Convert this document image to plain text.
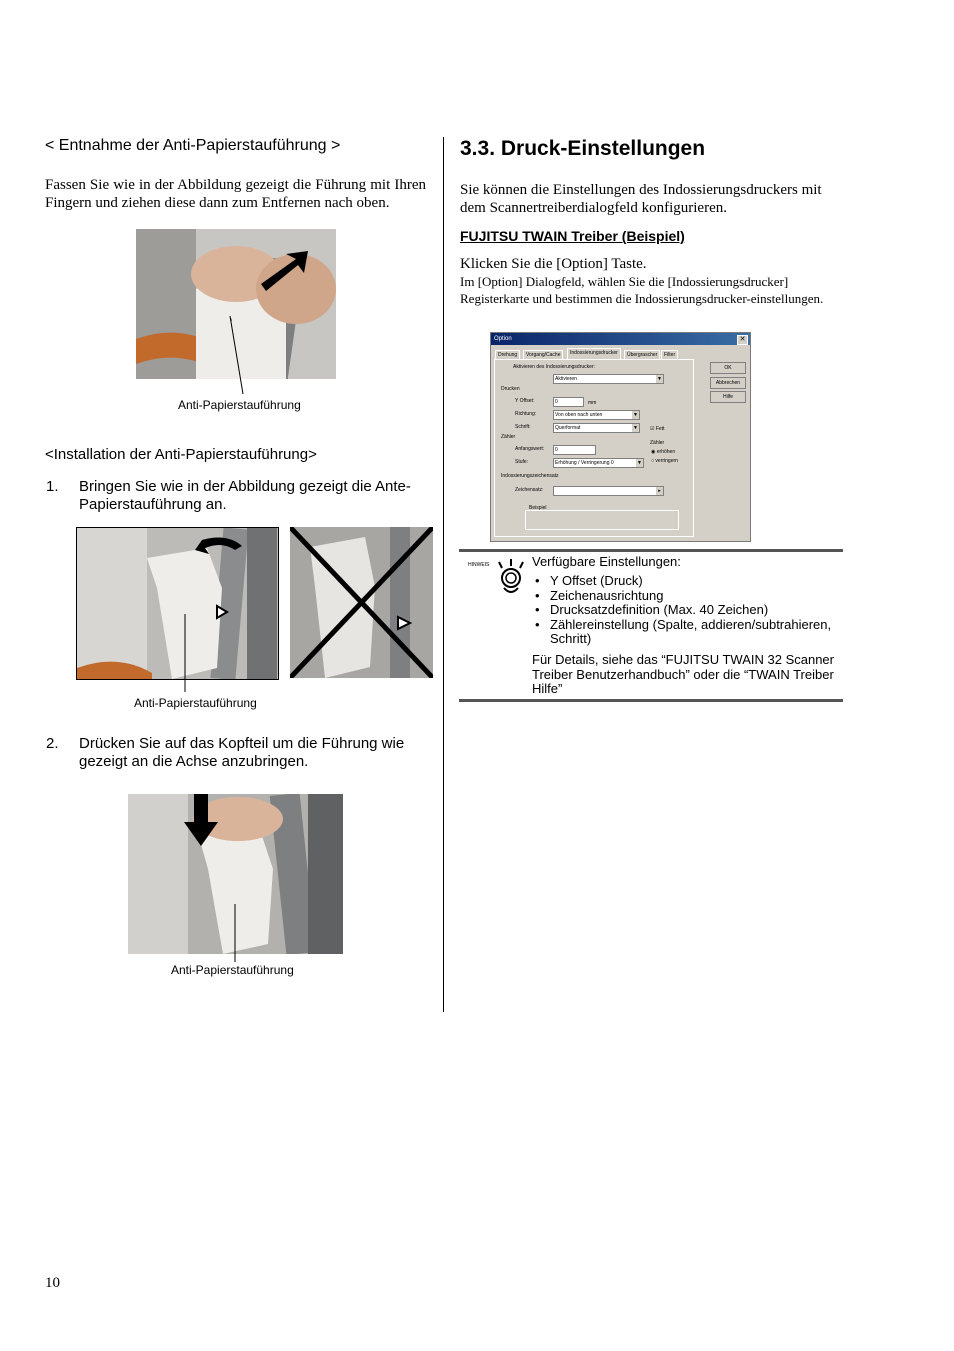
< Entnahme der Anti-Papierstauführung >
Fassen Sie wie in der Abbildung gezeigt die Führung mit Ihren Fingern und ziehen diese dann zum Entfernen nach oben.
Anti-Papierstauführung
<Installation der Anti-Papierstauführung>
1. Bringen Sie wie in der Abbildung gezeigt die Ante-Papierstauführung an.
Anti-Papierstauführung
2. Drücken Sie auf das Kopfteil um die Führung wie gezeigt an die Achse anzubringen.
Anti-Papierstauführung
3.3. Druck-Einstellungen
Sie können die Einstellungen des Indossierungsdruckers mit dem Scannertreiberdialogfeld konfigurieren.
FUJITSU TWAIN Treiber (Beispiel)
Klicken Sie die [Option] Taste.
Im [Option] Dialogfeld, wählen Sie die [Indossierungsdrucker] Registerkarte und bestimmen die Indossierungsdrucker-einstellungen.
Option	✕
Drehung	Vorgang/Cache	Indossierungsdrucker	Übergrascher	Filter
Aktivieren des Indossierungsdrucker:
Aktivieren	▼
Drucken
Y Offset:	0	mm
Richtung:	Von oben nach unten	▼
Schrift:	Querformat	▼ ☑ Fett
Zähler
Anfangswert:	0
Stufe:	Erhöhung / Verringerung 0	▼
Zähler
◉ erhöhen
○ verringern
Indossierungszeichensatz
Zeichensatz:	▸
Beispiel
OK
Abbrechen
Hilfe
HINWEIS	Verfügbare Einstellungen:
• Y Offset (Druck)
• Zeichenausrichtung
• Drucksatzdefinition (Max. 40 Zeichen)
• Zählereinstellung (Spalte, addieren/subtrahieren, Schritt)
Für Details, siehe das “FUJITSU TWAIN 32 Scanner Treiber Benutzerhandbuch” oder die “TWAIN Treiber Hilfe”
10
